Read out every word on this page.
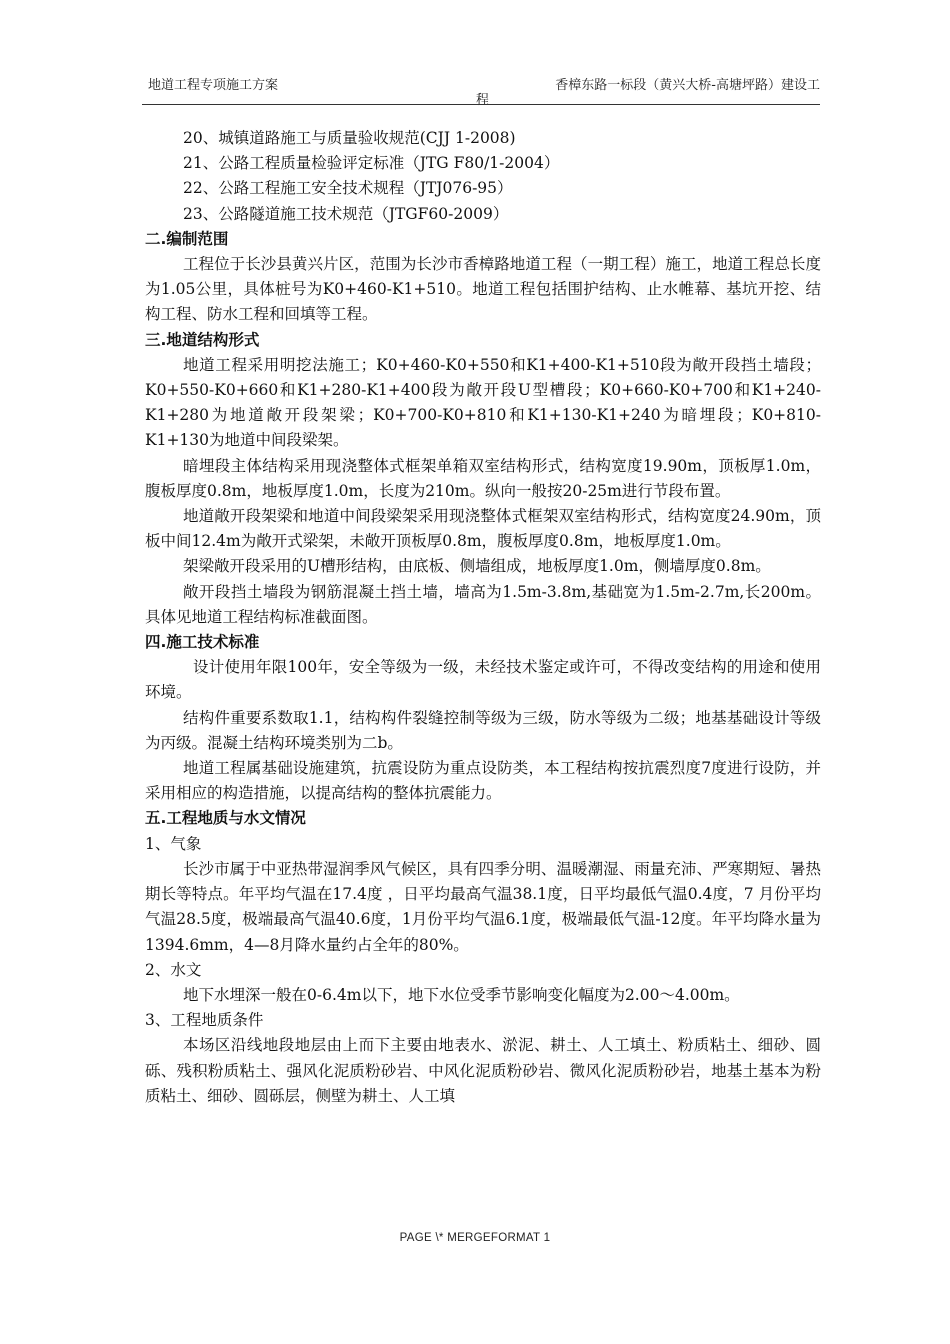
地道工程专项施工方案	香樟东路一标段（黄兴大桥-高塘坪路）建设工
程
20、城镇道路施工与质量验收规范(CJJ 1-2008)
21、公路工程质量检验评定标准（JTG F80/1-2004）
22、公路工程施工安全技术规程（JTJ076-95）
23、公路隧道施工技术规范（JTGF60-2009）
二.编制范围

工程位于长沙县黄兴片区，范围为长沙市香樟路地道工程（一期工程）施工，地道工程总长度为1.05公里，具体桩号为K0+460-K1+510。地道工程包括围护结构、止水帷幕、基坑开挖、结构工程、防水工程和回填等工程。

三.地道结构形式

地道工程采用明挖法施工；K0+460-K0+550和K1+400-K1+510段为敞开段挡土墙段；K0+550-K0+660和K1+280-K1+400段为敞开段U型槽段；K0+660-K0+700和K1+240-K1+280为地道敞开段架梁；K0+700-K0+810和K1+130-K1+240为暗埋段；K0+810-K1+130为地道中间段梁架。

暗埋段主体结构采用现浇整体式框架单箱双室结构形式，结构宽度19.90m，顶板厚1.0m，腹板厚度0.8m，地板厚度1.0m，长度为210m。纵向一般按20-25m进行节段布置。

地道敞开段架梁和地道中间段梁架采用现浇整体式框架双室结构形式，结构宽度24.90m，顶板中间12.4m为敞开式梁架，未敞开顶板厚0.8m，腹板厚度0.8m，地板厚度1.0m。

架梁敞开段采用的U槽形结构，由底板、侧墙组成，地板厚度1.0m，侧墙厚度0.8m。

敞开段挡土墙段为钢筋混凝土挡土墙，墙高为1.5m-3.8m,基础宽为1.5m-2.7m,长200m。具体见地道工程结构标准截面图。

四.施工技术标准

设计使用年限100年，安全等级为一级，未经技术鉴定或许可，不得改变结构的用途和使用环境。

结构件重要系数取1.1，结构构件裂缝控制等级为三级，防水等级为二级；地基基础设计等级为丙级。混凝土结构环境类别为二b。

地道工程属基础设施建筑，抗震设防为重点设防类，本工程结构按抗震烈度7度进行设防，并采用相应的构造措施，以提高结构的整体抗震能力。

五.工程地质与水文情况
1、气象

长沙市属于中亚热带湿润季风气候区，具有四季分明、温暖潮湿、雨量充沛、严寒期短、暑热期长等特点。年平均气温在17.4度 ，日平均最高气温38.1度，日平均最低气温0.4度，7 月份平均气温28.5度，极端最高气温40.6度，1月份平均气温6.1度，极端最低气温-12度。年平均降水量为1394.6mm，4—8月降水量约占全年的80%。

2、水文

地下水埋深一般在0-6.4m以下，地下水位受季节影响变化幅度为2.00～4.00m。

3、工程地质条件

本场区沿线地段地层由上而下主要由地表水、淤泥、耕土、人工填土、粉质粘土、细砂、圆砾、残积粉质粘土、强风化泥质粉砂岩、中风化泥质粉砂岩、微风化泥质粉砂岩，地基土基本为粉质粘土、细砂、圆砾层，侧壁为耕土、人工填

PAGE \* MERGEFORMAT 1
